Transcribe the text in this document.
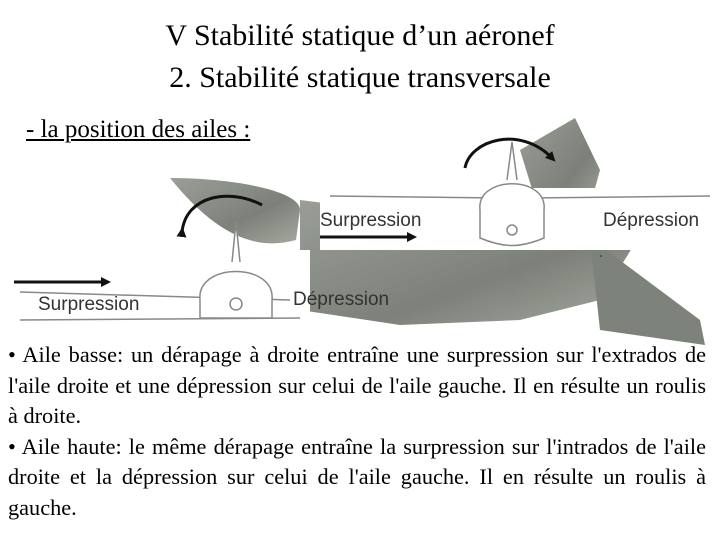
V Stabilité statique d’un aéronef
2. Stabilité statique transversale
- la position des ailes :
Surpression	Dépression
Surpression	Dépression

• Aile basse: un dérapage à droite entraîne une surpression sur l'extrados de l'aile droite et une dépression sur celui de l'aile gauche. Il en résulte un roulis à droite.

• Aile haute: le même dérapage entraîne la surpression sur l'intrados de l'aile droite et la dépression sur celui de l'aile gauche. Il en résulte un roulis à gauche.
